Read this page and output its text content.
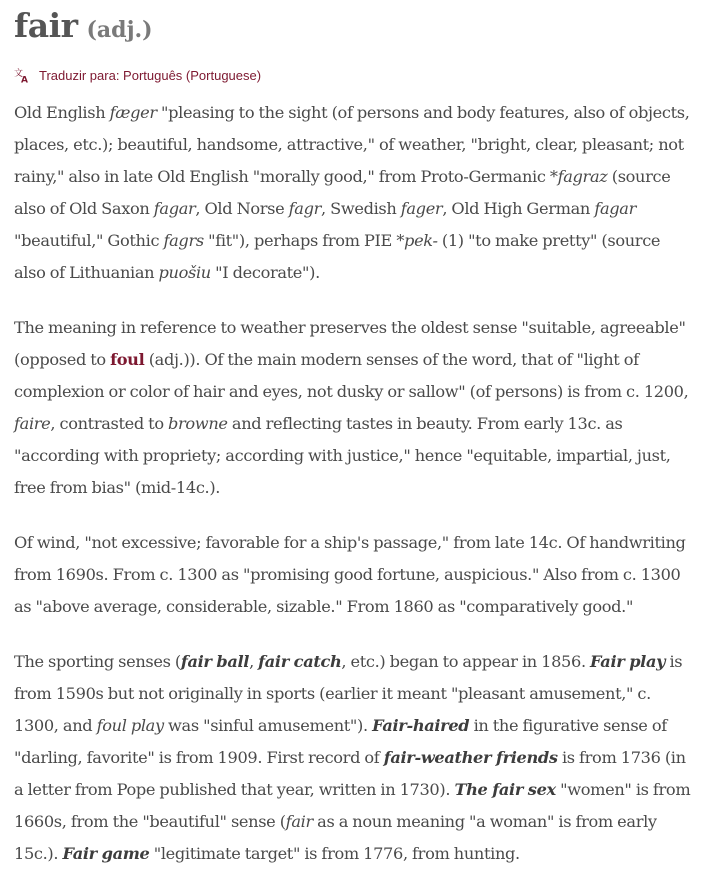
fair (adj.)
文
A Traduzir para: Português (Portuguese)

Old English fæger "pleasing to the sight (of persons and body features, also of objects, places, etc.); beautiful, handsome, attractive," of weather, "bright, clear, pleasant; not rainy," also in late Old English "morally good," from Proto-Germanic *fagraz (source also of Old Saxon fagar, Old Norse fagr, Swedish fager, Old High German fagar "beautiful," Gothic fagrs "fit"), perhaps from PIE *pek- (1) "to make pretty" (source also of Lithuanian puošiu "I decorate").

The meaning in reference to weather preserves the oldest sense "suitable, agreeable" (opposed to foul (adj.)). Of the main modern senses of the word, that of "light of complexion or color of hair and eyes, not dusky or sallow" (of persons) is from c. 1200, faire, contrasted to browne and reflecting tastes in beauty. From early 13c. as "according with propriety; according with justice," hence "equitable, impartial, just, free from bias" (mid-14c.).

Of wind, "not excessive; favorable for a ship's passage," from late 14c. Of handwriting from 1690s. From c. 1300 as "promising good fortune, auspicious." Also from c. 1300 as "above average, considerable, sizable." From 1860 as "comparatively good."

The sporting senses (fair ball, fair catch, etc.) began to appear in 1856. Fair play is from 1590s but not originally in sports (earlier it meant "pleasant amusement," c. 1300, and foul play was "sinful amusement"). Fair-haired in the figurative sense of "darling, favorite" is from 1909. First record of fair-weather friends is from 1736 (in a letter from Pope published that year, written in 1730). The fair sex "women" is from 1660s, from the "beautiful" sense (fair as a noun meaning "a woman" is from early 15c.). Fair game "legitimate target" is from 1776, from hunting.
